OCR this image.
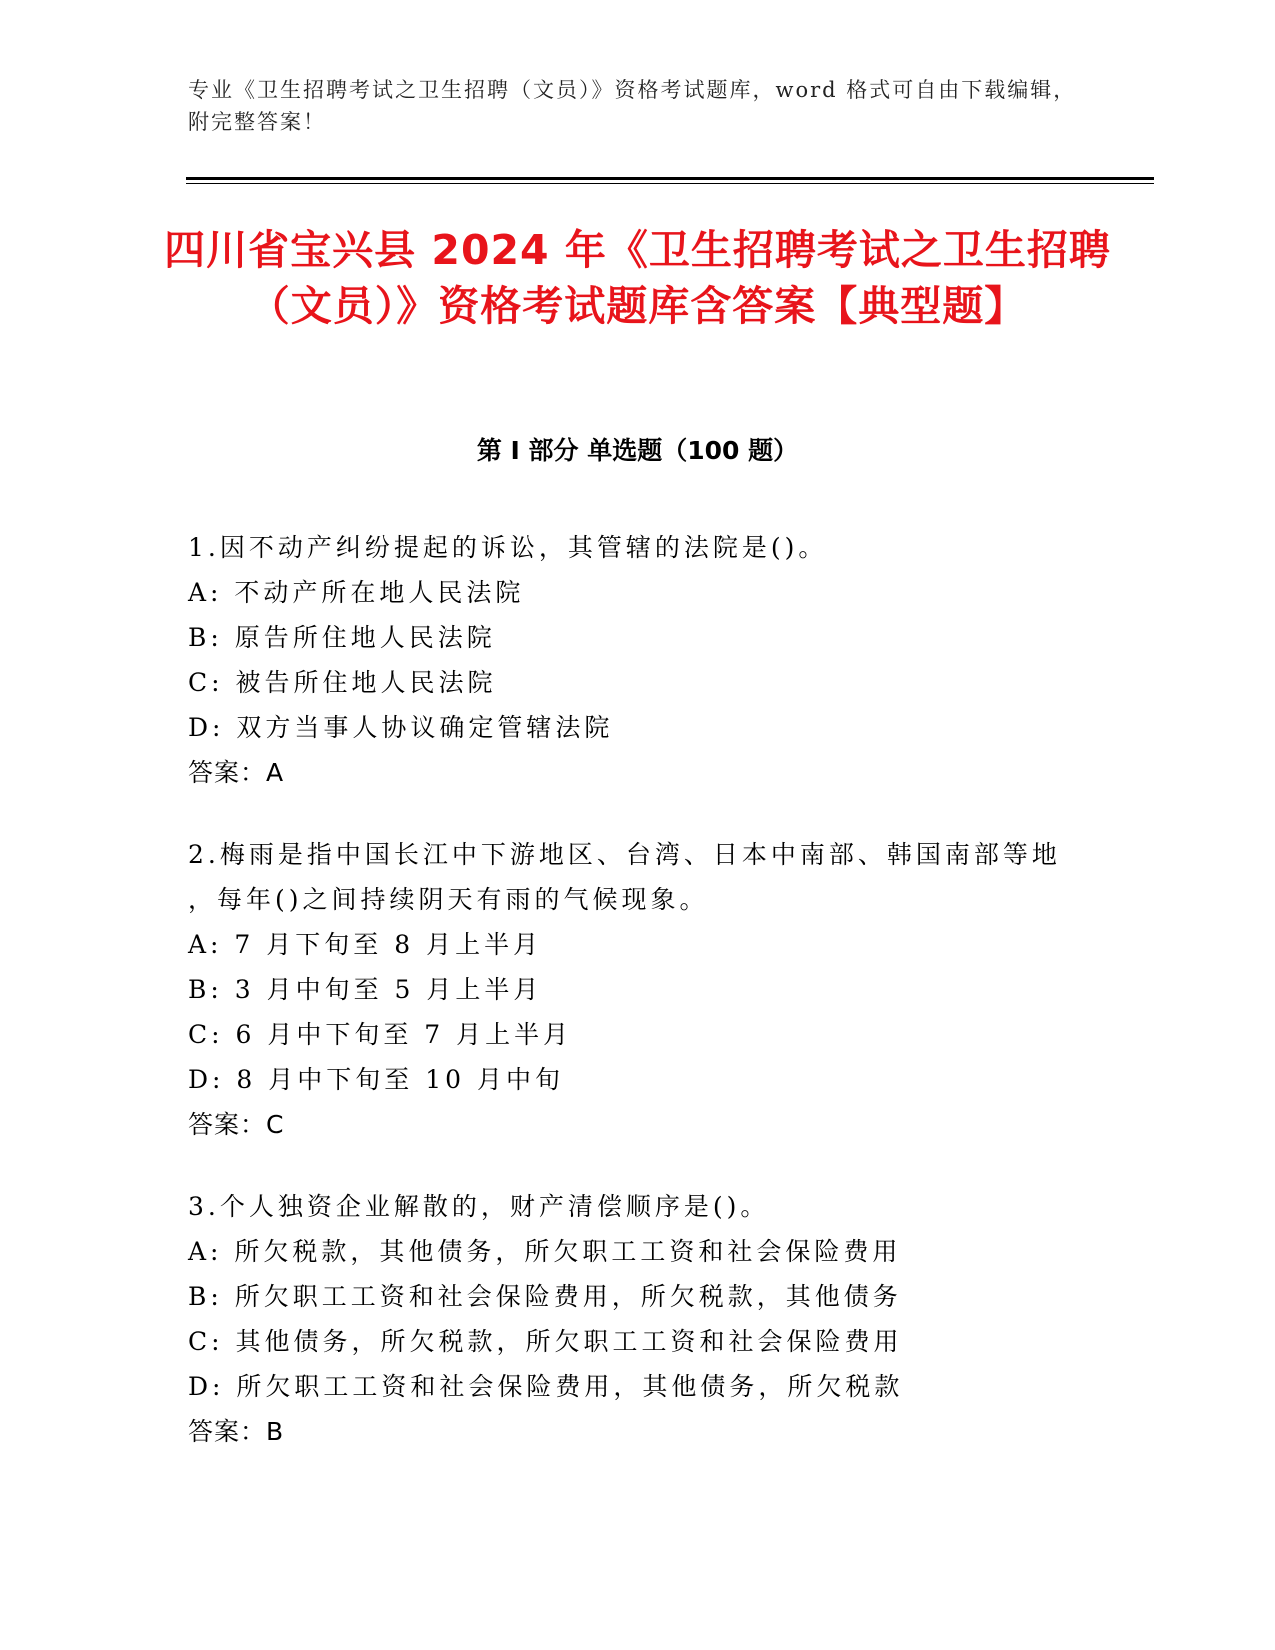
专业《卫生招聘考试之卫生招聘（文员）》资格考试题库，word 格式可自由下载编辑，附完整答案！
四川省宝兴县 2024 年《卫生招聘考试之卫生招聘（文员）》资格考试题库含答案【典型题】
第 I 部分 单选题（100 题）
1.因不动产纠纷提起的诉讼，其管辖的法院是()。
A: 不动产所在地人民法院
B: 原告所住地人民法院
C: 被告所住地人民法院
D: 双方当事人协议确定管辖法院
答案：A
2.梅雨是指中国长江中下游地区、台湾、日本中南部、韩国南部等地
，每年()之间持续阴天有雨的气候现象。
A: 7 月下旬至 8 月上半月
B: 3 月中旬至 5 月上半月
C: 6 月中下旬至 7 月上半月
D: 8 月中下旬至 10 月中旬
答案：C
3.个人独资企业解散的，财产清偿顺序是()。
A: 所欠税款，其他债务，所欠职工工资和社会保险费用
B: 所欠职工工资和社会保险费用，所欠税款，其他债务
C: 其他债务，所欠税款，所欠职工工资和社会保险费用
D: 所欠职工工资和社会保险费用，其他债务，所欠税款
答案：B
